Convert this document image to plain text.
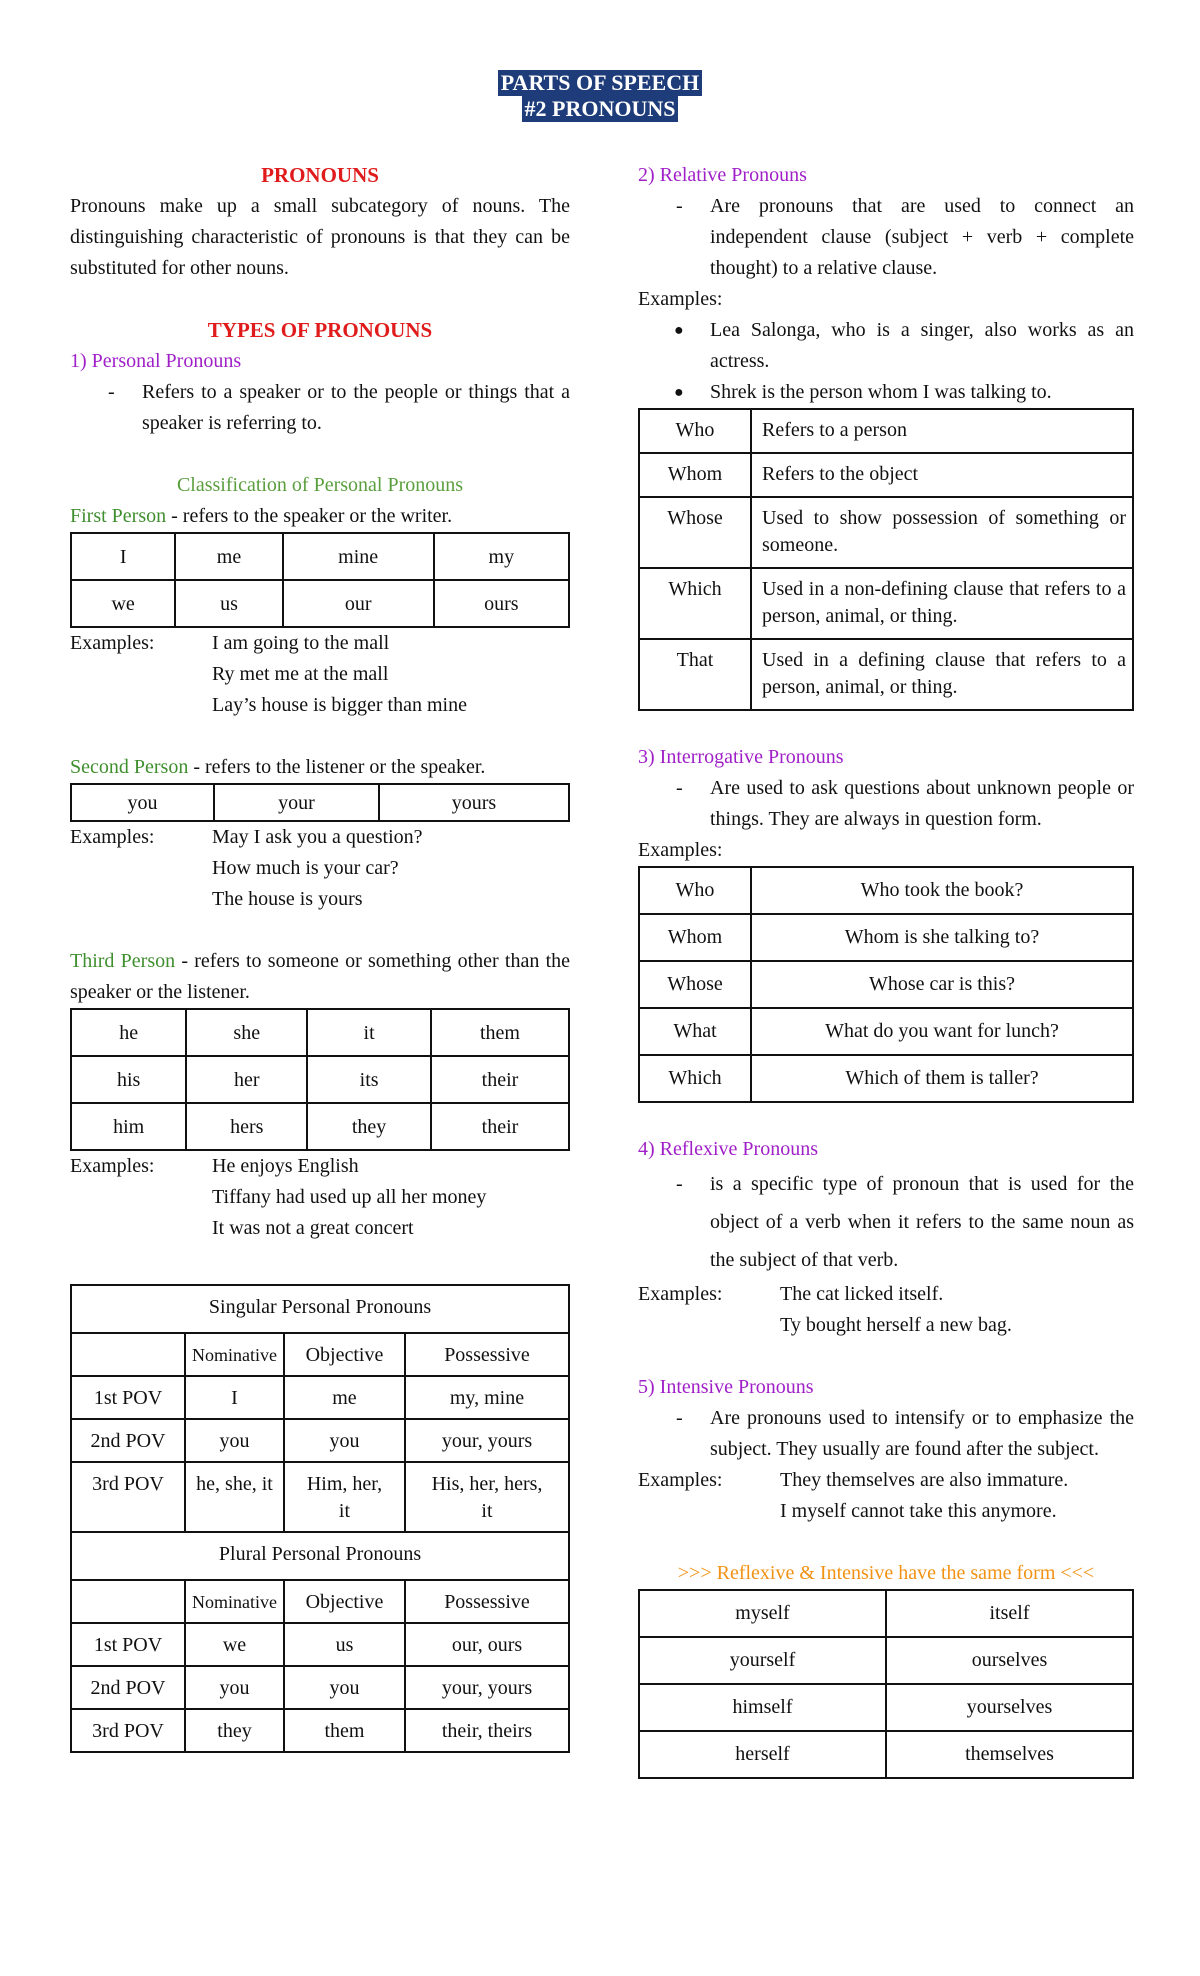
PARTS OF SPEECH
#2 PRONOUNS
PRONOUNS
Pronouns make up a small subcategory of nouns. The distinguishing characteristic of pronouns is that they can be substituted for other nouns.
TYPES OF PRONOUNS
1) Personal Pronouns
- Refers to a speaker or to the people or things that a speaker is referring to.
Classification of Personal Pronouns
First Person - refers to the speaker or the writer.
I	me	mine	my
we	us	our	ours
Examples:	I am going to the mall
Ry met me at the mall
Lay’s house is bigger than mine
Second Person - refers to the listener or the speaker.
you	your	yours
Examples:	May I ask you a question?
How much is your car?
The house is yours
Third Person - refers to someone or something other than the speaker or the listener.
he	she	it	them
his	her	its	their
him	hers	they	their
Examples:	He enjoys English
Tiffany had used up all her money
It was not a great concert
Singular Personal Pronouns			
	Nominative	Objective	Possessive
1st POV	I	me	my, mine
2nd POV	you	you	your, yours
3rd POV	he, she, it	Him, her, it	His, her, hers, it
Plural Personal Pronouns			
	Nominative	Objective	Possessive
1st POV	we	us	our, ours
2nd POV	you	you	your, yours
3rd POV	they	them	their, theirs
2) Relative Pronouns
- Are pronouns that are used to connect an independent clause (subject + verb + complete thought) to a relative clause.
Examples:
● Lea Salonga, who is a singer, also works as an actress.
● Shrek is the person whom I was talking to.
Who	Refers to a person
Whom	Refers to the object
Whose	Used to show possession of something or someone.
Which	Used in a non-defining clause that refers to a person, animal, or thing.
That	Used in a defining clause that refers to a person, animal, or thing.
3) Interrogative Pronouns
- Are used to ask questions about unknown people or things. They are always in question form.
Examples:
Who	Who took the book?
Whom	Whom is she talking to?
Whose	Whose car is this?
What	What do you want for lunch?
Which	Which of them is taller?
4) Reflexive Pronouns
- is a specific type of pronoun that is used for the object of a verb when it refers to the same noun as the subject of that verb.
Examples:	The cat licked itself.
Ty bought herself a new bag.
5) Intensive Pronouns
- Are pronouns used to intensify or to emphasize the subject. They usually are found after the subject.
Examples:	They themselves are also immature.
I myself cannot take this anymore.
>>> Reflexive & Intensive have the same form <<<
myself	itself
yourself	ourselves
himself	yourselves
herself	themselves
